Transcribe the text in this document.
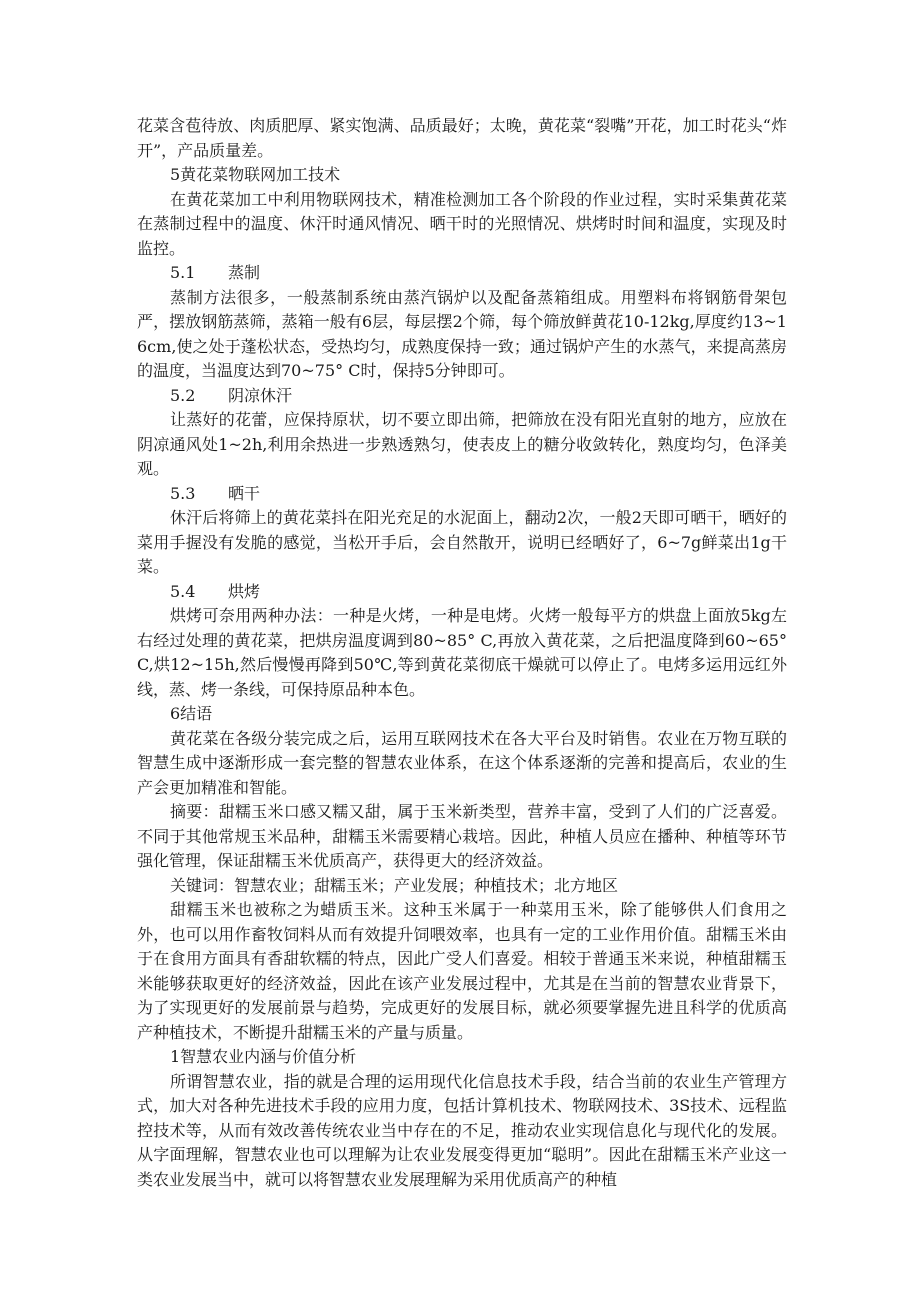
花菜含苞待放、肉质肥厚、紧实饱满、品质最好；太晚，黄花菜“裂嘴”开花，加工时花头“炸开”，产品质量差。

5黄花菜物联网加工技术

在黄花菜加工中利用物联网技术，精准检测加工各个阶段的作业过程，实时采集黄花菜在蒸制过程中的温度、休汗时通风情况、晒干时的光照情况、烘烤时时间和温度，实现及时监控。

5.1 蒸制

蒸制方法很多，一般蒸制系统由蒸汽锅炉以及配备蒸箱组成。用塑料布将钢筋骨架包严，摆放钢筋蒸筛，蒸箱一般有6层，每层摆2个筛，每个筛放鲜黄花10-12kg,厚度约13~16cm,使之处于蓬松状态，受热均匀，成熟度保持一致；通过锅炉产生的水蒸气，来提高蒸房的温度，当温度达到70~75° C时，保持5分钟即可。

5.2 阴凉休汗

让蒸好的花蕾，应保持原状，切不要立即出筛，把筛放在没有阳光直射的地方，应放在阴凉通风处1~2h,利用余热进一步熟透熟匀，使表皮上的糖分收敛转化，熟度均匀，色泽美观。

5.3 晒干

休汗后将筛上的黄花菜抖在阳光充足的水泥面上，翻动2次，一般2天即可晒干，晒好的菜用手握没有发脆的感觉，当松开手后，会自然散开，说明已经晒好了，6~7g鲜菜出1g干菜。

5.4 烘烤

烘烤可奈用两种办法：一种是火烤，一种是电烤。火烤一般每平方的烘盘上面放5kg左右经过处理的黄花菜，把烘房温度调到80~85° C,再放入黄花菜，之后把温度降到60~65° C,烘12~15h,然后慢慢再降到50℃,等到黄花菜彻底干燥就可以停止了。电烤多运用远红外线，蒸、烤一条线，可保持原品种本色。

6结语

黄花菜在各级分装完成之后，运用互联网技术在各大平台及时销售。农业在万物互联的智慧生成中逐渐形成一套完整的智慧农业体系，在这个体系逐渐的完善和提高后，农业的生产会更加精准和智能。

摘要：甜糯玉米口感又糯又甜，属于玉米新类型，营养丰富，受到了人们的广泛喜爱。不同于其他常规玉米品种，甜糯玉米需要精心栽培。因此，种植人员应在播种、种植等环节强化管理，保证甜糯玉米优质高产，获得更大的经济效益。

关键词：智慧农业；甜糯玉米；产业发展；种植技术；北方地区

甜糯玉米也被称之为蜡质玉米。这种玉米属于一种菜用玉米，除了能够供人们食用之外，也可以用作畜牧饲料从而有效提升饲喂效率，也具有一定的工业作用价值。甜糯玉米由于在食用方面具有香甜软糯的特点，因此广受人们喜爱。相较于普通玉米来说，种植甜糯玉米能够获取更好的经济效益，因此在该产业发展过程中，尤其是在当前的智慧农业背景下，为了实现更好的发展前景与趋势，完成更好的发展目标，就必须要掌握先进且科学的优质高产种植技术，不断提升甜糯玉米的产量与质量。

1智慧农业内涵与价值分析

所谓智慧农业，指的就是合理的运用现代化信息技术手段，结合当前的农业生产管理方式，加大对各种先进技术手段的应用力度，包括计算机技术、物联网技术、3S技术、远程监控技术等，从而有效改善传统农业当中存在的不足，推动农业实现信息化与现代化的发展。从字面理解，智慧农业也可以理解为让农业发展变得更加“聪明”。因此在甜糯玉米产业这一类农业发展当中，就可以将智慧农业发展理解为采用优质高产的种植
